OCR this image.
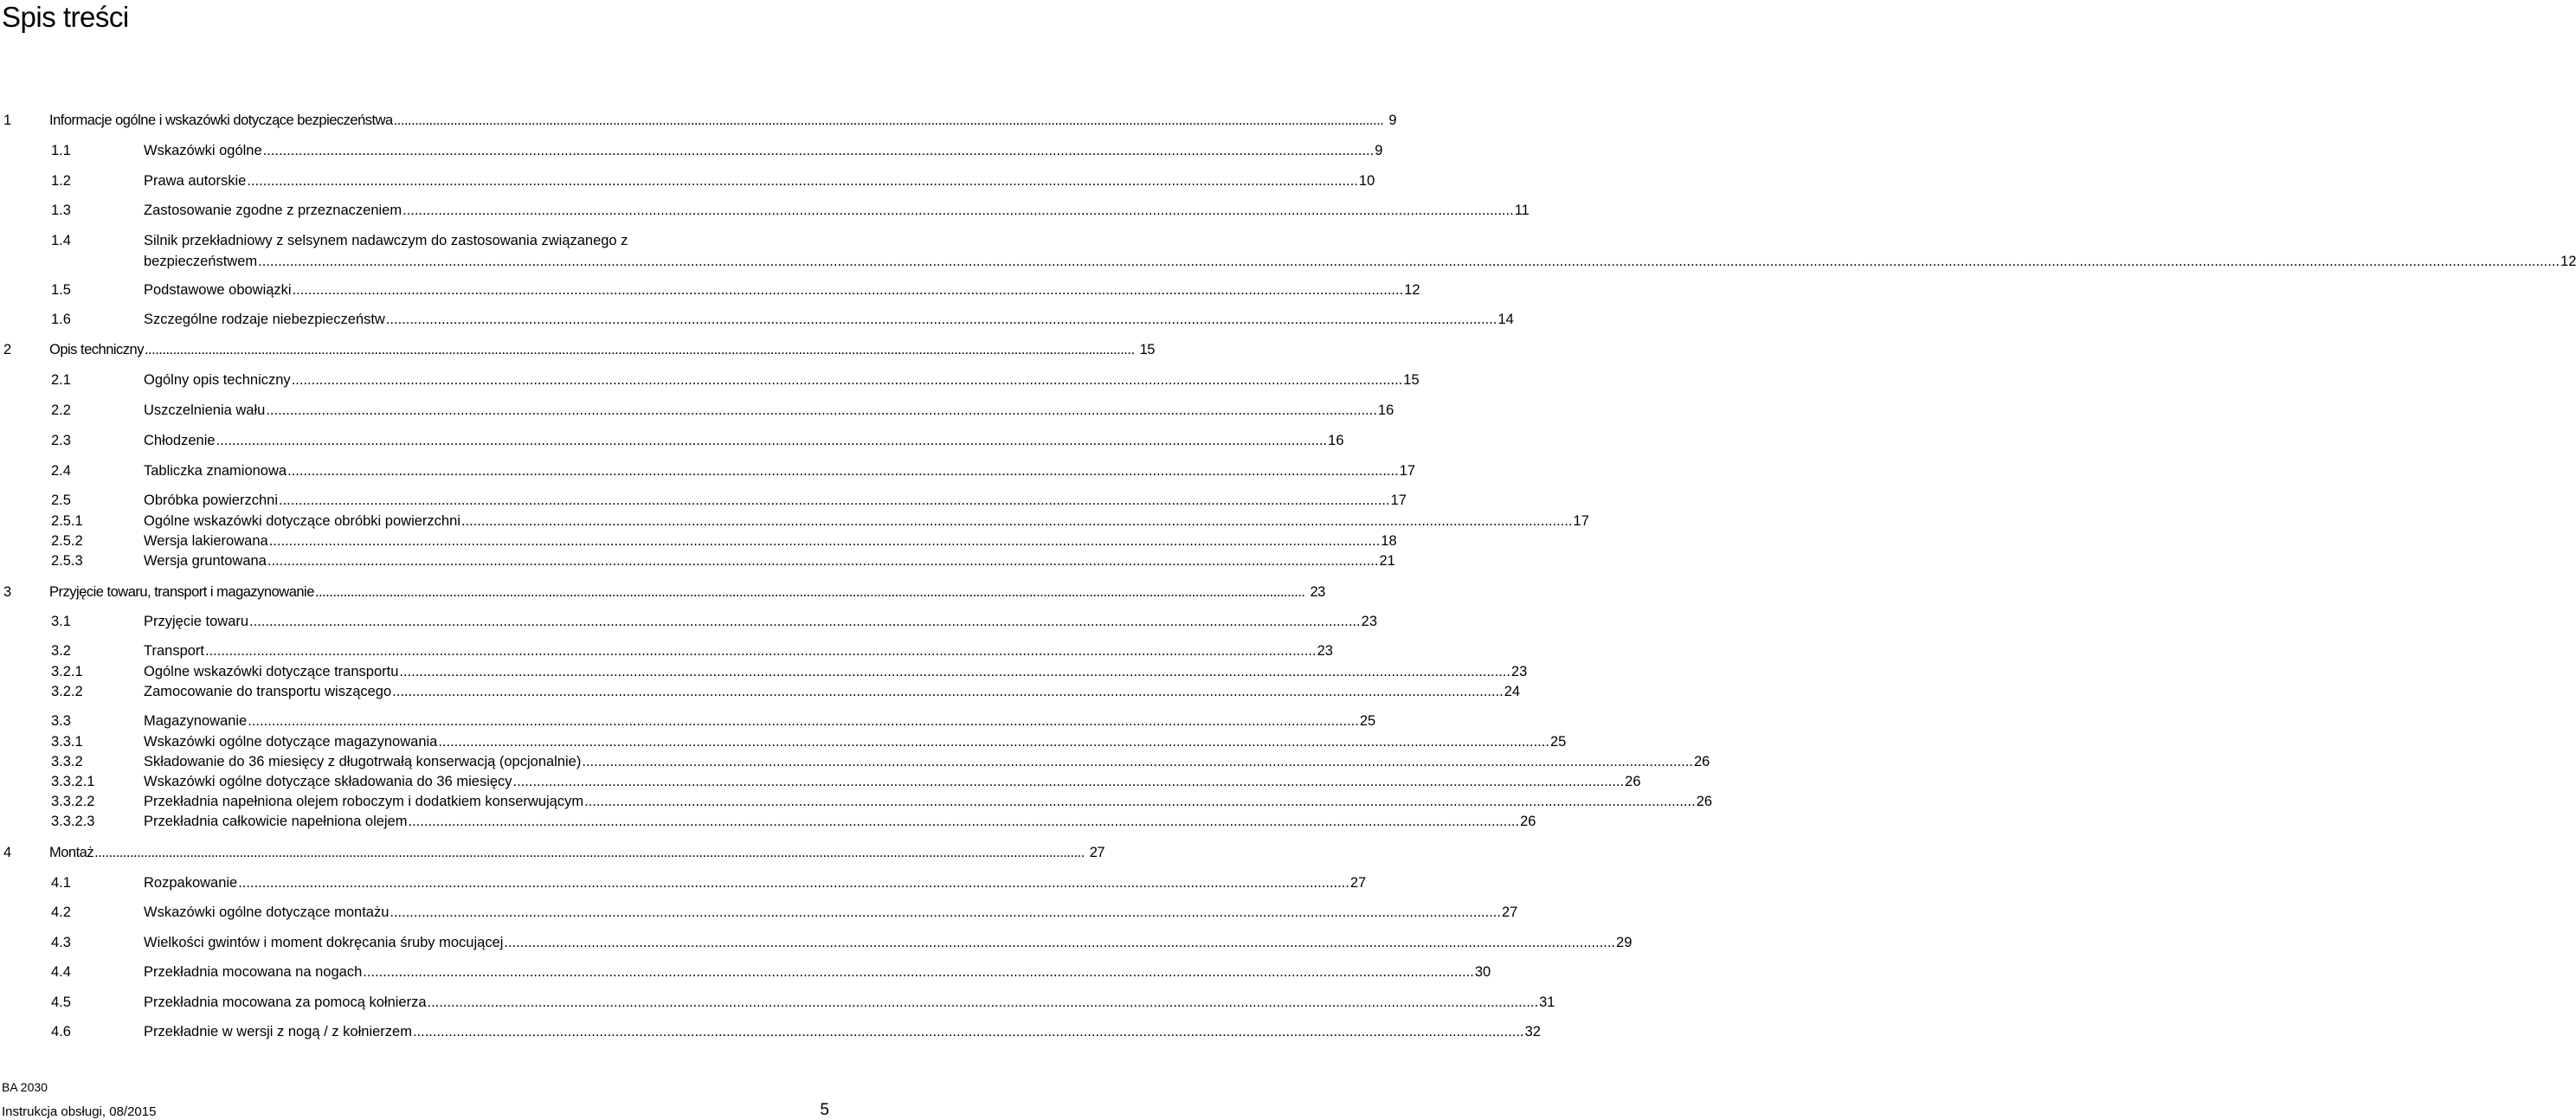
Spis treści
1	Informacje ogólne i wskazówki dotyczące bezpieczeństwa .....	9
1.1	Wskazówki ogólne .....	9
1.2	Prawa autorskie .....	10
1.3	Zastosowanie zgodne z przeznaczeniem .....	11
1.4	Silnik przekładniowy z selsynem nadawczym do zastosowania związanego z
bezpieczeństwem ............................................................................................................................................................................................................................................................................................................ .....	12
1.5	Podstawowe obowiązki .....	12
1.6	Szczególne rodzaje niebezpieczeństw .....	14
2	Opis techniczny .....	15
2.1	Ogólny opis techniczny .....	15
2.2	Uszczelnienia wału .....	16
2.3	Chłodzenie .....	16
2.4	Tabliczka znamionowa .....	17
2.5	Obróbka powierzchni .....	17
2.5.1	Ogólne wskazówki dotyczące obróbki powierzchni .....	17
2.5.2	Wersja lakierowana .....	18
2.5.3	Wersja gruntowana .....	21
3	Przyjęcie towaru, transport i magazynowanie .....	23
3.1	Przyjęcie towaru .....	23
3.2	Transport .....	23
3.2.1	Ogólne wskazówki dotyczące transportu .....	23
3.2.2	Zamocowanie do transportu wiszącego .....	24
3.3	Magazynowanie .....	25
3.3.1	Wskazówki ogólne dotyczące magazynowania .....	25
3.3.2	Składowanie do 36 miesięcy z długotrwałą konserwacją (opcjonalnie) .....	26
3.3.2.1	Wskazówki ogólne dotyczące składowania do 36 miesięcy .....	26
3.3.2.2	Przekładnia napełniona olejem roboczym i dodatkiem konserwującym .....	26
3.3.2.3	Przekładnia całkowicie napełniona olejem .....	26
4	Montaż .....	27
4.1	Rozpakowanie .....	27
4.2	Wskazówki ogólne dotyczące montażu .....	27
4.3	Wielkości gwintów i moment dokręcania śruby mocującej .....	29
4.4	Przekładnia mocowana na nogach .....	30
4.5	Przekładnia mocowana za pomocą kołnierza .....	31
4.6	Przekładnie w wersji z nogą / z kołnierzem .....	32
BA 2030
Instrukcja obsługi, 08/2015	5
